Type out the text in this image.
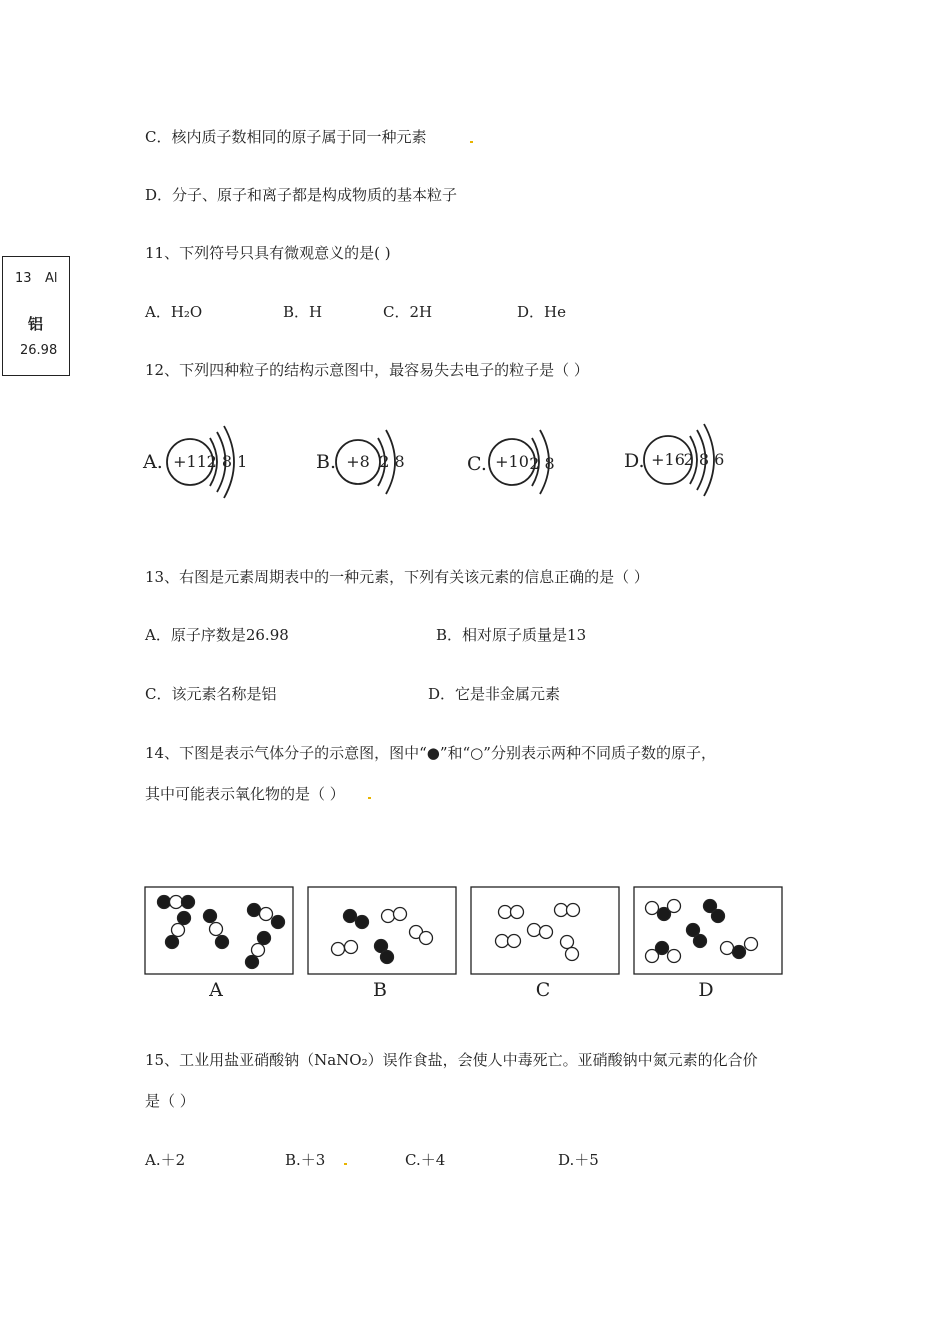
C．核内质子数相同的原子属于同一种元素
D．分子、原子和离子都是构成物质的基本粒子
11、下列符号只具有微观意义的是( )
A．H₂O	B．H	C．2H	D．He
13 Al
铝
26.98
12、下列四种粒子的结构示意图中，最容易失去电子的粒子是（ ）
A. +11 2 8 1	B. +8 2 8	C. +10 2 8	D. +16
2 8 6
13、右图是元素周期表中的一种元素，下列有关该元素的信息正确的是（ ）
A．原子序数是26.98	B．相对原子质量是13
C．该元素名称是铝	D．它是非金属元素
14、下图是表示气体分子的示意图，图中“●”和“○”分别表示两种不同质子数的原子，
其中可能表示氧化物的是（ ）
A	B	C	D
15、工业用盐亚硝酸钠（NaNO₂）误作食盐，会使人中毒死亡。亚硝酸钠中氮元素的化合价
是（ ）
A.＋2	B.＋3	C.＋4	D.＋5
